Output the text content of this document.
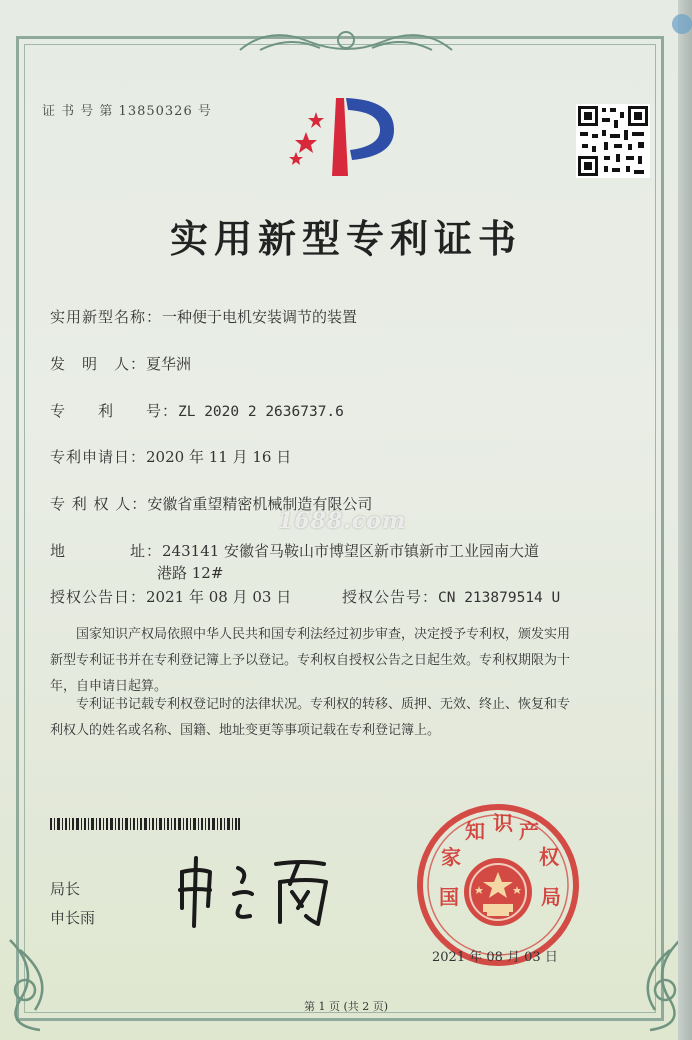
证 书 号 第 13850326 号
实用新型专利证书
实用新型名称：一种便于电机安装调节的装置
发　明　人：夏华洲
专　　利　　号：ZL 2020 2 2636737.6
专利申请日：2020 年 11 月 16 日
专 利 权 人：安徽省重望精密机械制造有限公司
1688.com
地　　　　址：243141 安徽省马鞍山市博望区新市镇新市工业园南大道
港路 12#
授权公告日：2021 年 08 月 03 日	授权公告号：CN 213879514 U
国家知识产权局依照中华人民共和国专利法经过初步审查，决定授予专利权，颁发实用
新型专利证书并在专利登记簿上予以登记。专利权自授权公告之日起生效。专利权期限为十
年，自申请日起算。
专利证书记载专利权登记时的法律状况。专利权的转移、质押、无效、终止、恢复和专
利权人的姓名或名称、国籍、地址变更等事项记载在专利登记簿上。
局长
申长雨
国
家
知 识 产
权
局
2021 年 08 月 03 日
第 1 页 (共 2 页)
